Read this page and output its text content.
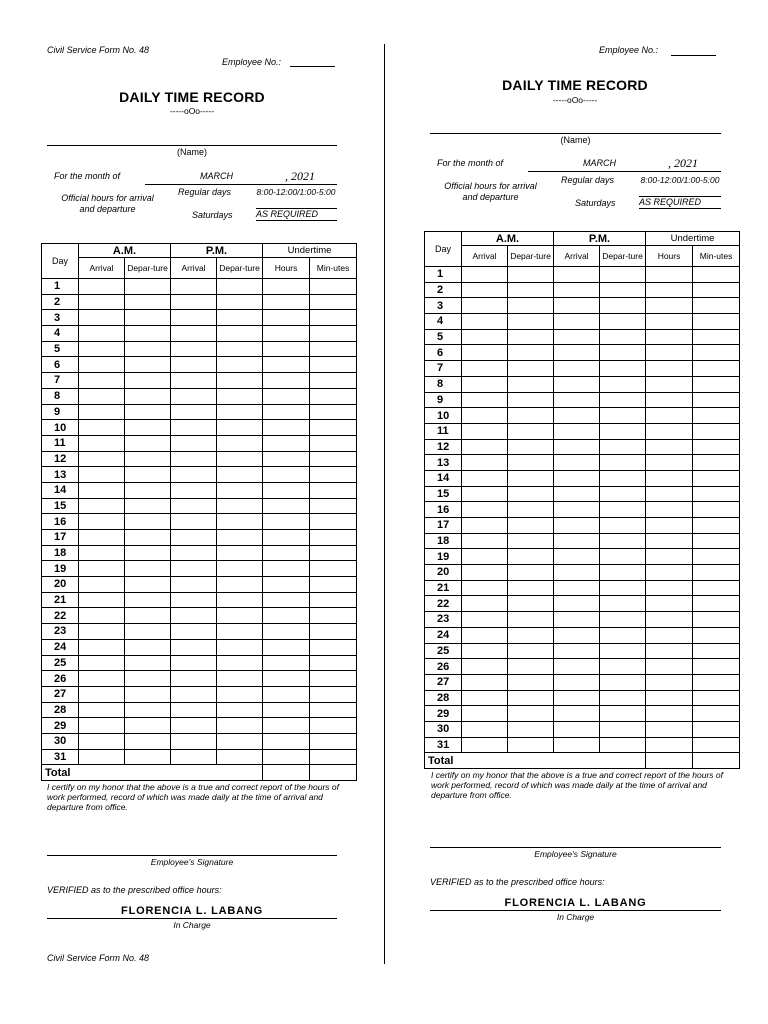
Civil Service Form No. 48
Employee No.:
DAILY TIME RECORD
-----oOo-----
(Name)
For the month of	MARCH	, 2021
Official hours for arrival and departure
Regular days	8:00-12:00/1:00-5:00
Saturdays	AS REQUIRED
Day	A.M.		P.M.		Undertime	
	Arrival	Depar-ture	Arrival	Depar-ture	Hours	Min-utes
1						
2						
3						
4						
5						
6						
7						
8						
9						
10						
11						
12						
13						
14						
15						
16						
17						
18						
19						
20						
21						
22						
23						
24						
25						
26						
27						
28						
29						
30						
31						
Total						
I certify on my honor that the above is a true and correct report of the hours of work performed, record of which was made daily at the time of arrival and departure from office.
Employee's Signature
VERIFIED as to the prescribed office hours:
FLORENCIA L. LABANG
In Charge
Civil Service Form No. 48
Employee No.:
DAILY TIME RECORD
-----oOo-----
(Name)
For the month of	MARCH	, 2021
Official hours for arrival and departure
Regular days	8:00-12:00/1:00-5:00
Saturdays	AS REQUIRED
Day	A.M.		P.M.		Undertime	
	Arrival	Depar-ture	Arrival	Depar-ture	Hours	Min-utes
1						
2						
3						
4						
5						
6						
7						
8						
9						
10						
11						
12						
13						
14						
15						
16						
17						
18						
19						
20						
21						
22						
23						
24						
25						
26						
27						
28						
29						
30						
31						
Total						
I certify on my honor that the above is a true and correct report of the hours of work performed, record of which was made daily at the time of arrival and departure from office.
Employee's Signature
VERIFIED as to the prescribed office hours:
FLORENCIA L. LABANG
In Charge
